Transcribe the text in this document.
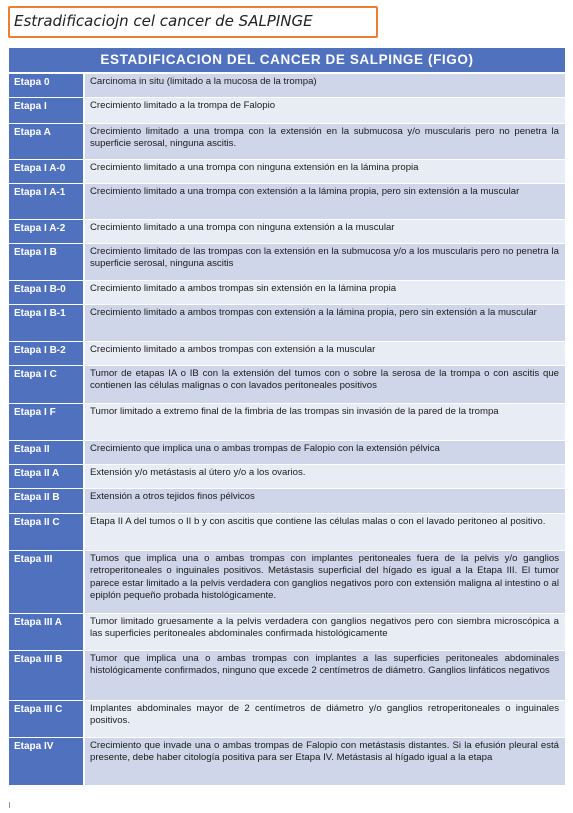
Estradificaciojn cel cancer de SALPINGE
ESTADIFICACION DEL CANCER DE SALPINGE (FIGO)
Etapa 0	Carcinoma in situ (limitado a la mucosa de la trompa)
Etapa I	Crecimiento limitado a la trompa de Falopio
Etapa A	Crecimiento limitado a una trompa con la extensión en la submucosa y/o muscularis pero no penetra la superficie serosal, ninguna ascitis.
Etapa I A-0	Crecimiento limitado a una trompa con ninguna extensión en la lámina propia
Etapa I A-1	Crecimiento limitado a una trompa con extensión a la lámina propia, pero sin extensión a la muscular
Etapa I A-2	Crecimiento limitado a una trompa con ninguna extensión a la muscular
Etapa I B	Crecimiento limitado de las trompas con la extensión en la submucosa y/o a los muscularis pero no penetra la superficie serosal, ninguna ascitis
Etapa I B-0	Crecimiento limitado a ambos trompas sin extensión en la lámina propia
Etapa I B-1	Crecimiento limitado a ambos trompas con extensión a la lámina propia, pero sin extensión a la muscular
Etapa I B-2	Crecimiento limitado a ambos trompas con extensión a la muscular
Etapa I C	Tumor de etapas IA o IB con la extensión del tumos con o sobre la serosa de la trompa o con ascitis que contienen las células malignas o con lavados peritoneales positivos
Etapa I F	Tumor limitado a extremo final de la fimbria de las trompas sin invasión de la pared de la trompa
Etapa II	Crecimiento que implica una o ambas trompas de Falopio con la extensión pélvica
Etapa II A	Extensión y/o metástasis al útero y/o a los ovarios.
Etapa II B	Extensión a otros tejidos finos pélvicos
Etapa II C	Etapa II A del tumos o II b y con ascitis que contiene las células malas o con el lavado peritoneo al positivo.
Etapa III	Tumos que implica una o ambas trompas con implantes peritoneales fuera de la pelvis y/o ganglios retroperitoneales o inguinales positivos. Metástasis superficial del hígado es igual a la Etapa III. El tumor parece estar limitado a la pelvis verdadera con ganglios negativos poro con extensión maligna al intestino o al epiplón pequeño probada histológicamente.
Etapa III A	Tumor limitado gruesamente a la pelvis verdadera con ganglios negativos pero con siembra microscópica a las superficies peritoneales abdominales confirmada histológicamente
Etapa III B	Tumor que implica una o ambas trompas con implantes a las superficies peritoneales abdominales histológicamente confirmados, ninguno que excede 2 centímetros de diámetro. Ganglios linfáticos negativos
Etapa III C	Implantes abdominales mayor de 2 centímetros de diámetro y/o ganglios retroperitoneales o inguinales positivos.
Etapa IV	Crecimiento que invade una o ambas trompas de Falopio con metástasis distantes. Si la efusión pleural está presente, debe haber citología positiva para ser Etapa IV. Metástasis al hígado igual a la etapa
